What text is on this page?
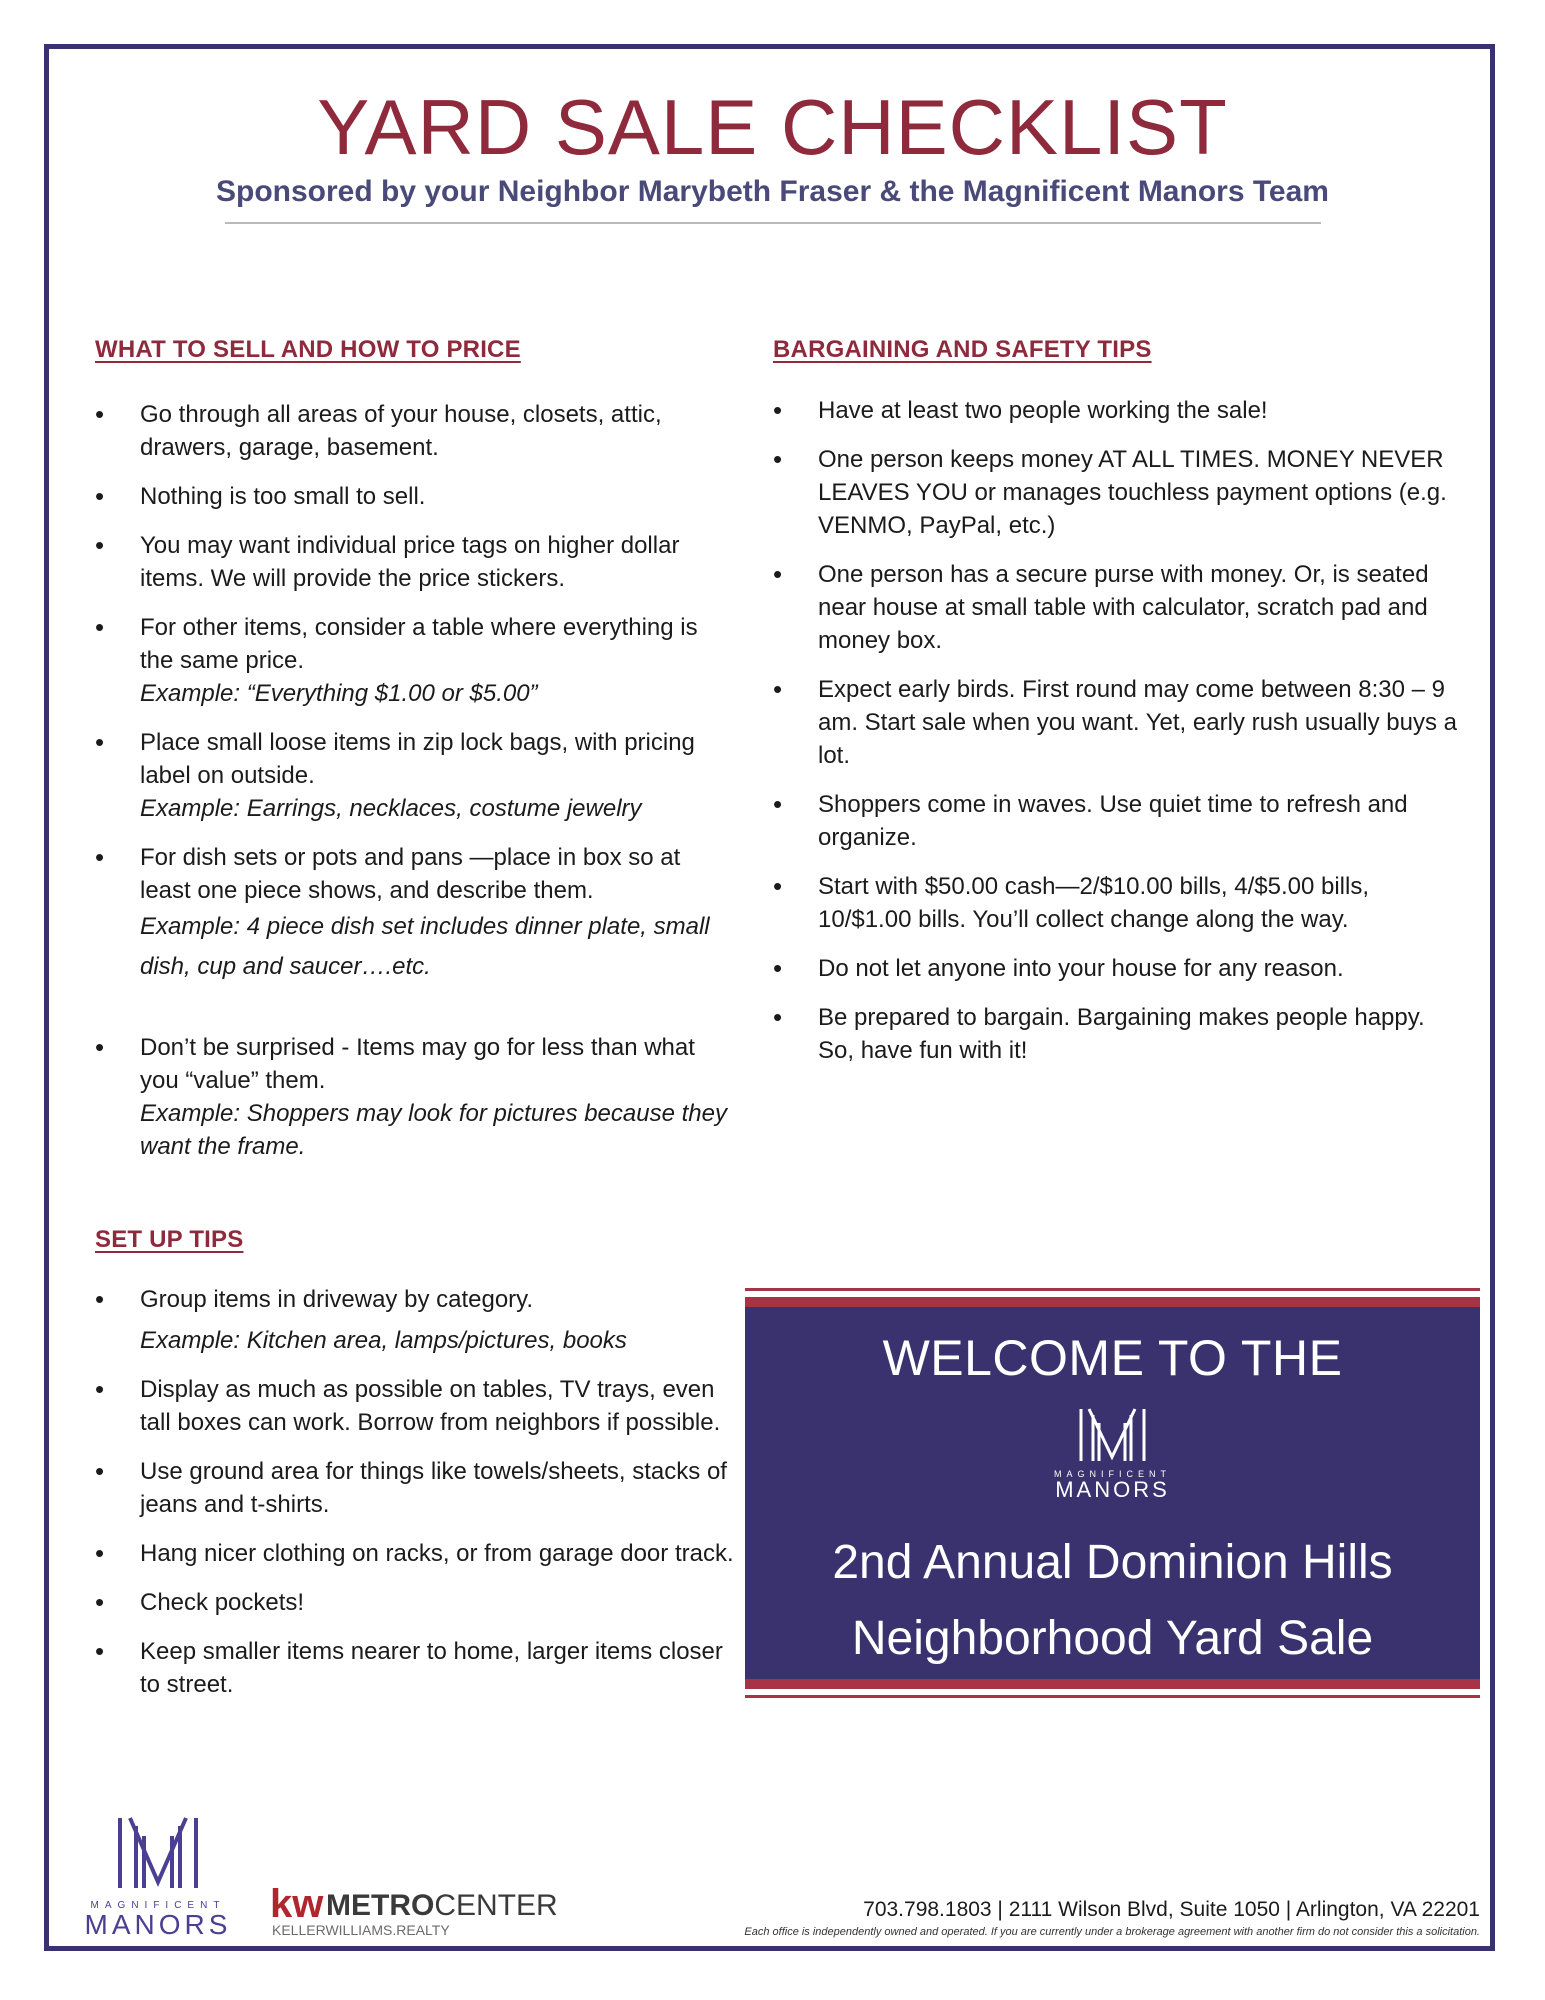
YARD SALE CHECKLIST
Sponsored by your Neighbor Marybeth Fraser & the Magnificent Manors Team
WHAT TO SELL AND HOW TO PRICE
• Go through all areas of your house, closets, attic, drawers, garage, basement.
• Nothing is too small to sell.
• You may want individual price tags on higher dollar items. We will provide the price stickers.
• For other items, consider a table where everything is the same price.
Example: “Everything $1.00 or $5.00”
• Place small loose items in zip lock bags, with pricing label on outside.
Example: Earrings, necklaces, costume jewelry
• For dish sets or pots and pans —place in box so at least one piece shows, and describe them.
Example: 4 piece dish set includes dinner plate, small dish, cup and saucer….etc.
• Don’t be surprised - Items may go for less than what you “value” them.
Example: Shoppers may look for pictures because they want the frame.
BARGAINING AND SAFETY TIPS
• Have at least two people working the sale!
• One person keeps money AT ALL TIMES. MONEY NEVER LEAVES YOU or manages touchless payment options (e.g. VENMO, PayPal, etc.)
• One person has a secure purse with money. Or, is seated near house at small table with calculator, scratch pad and money box.
• Expect early birds. First round may come between 8:30 – 9 am. Start sale when you want. Yet, early rush usually buys a lot.
• Shoppers come in waves. Use quiet time to refresh and organize.
• Start with $50.00 cash—2/$10.00 bills, 4/$5.00 bills, 10/$1.00 bills. You’ll collect change along the way.
• Do not let anyone into your house for any reason.
• Be prepared to bargain. Bargaining makes people happy. So, have fun with it!
SET UP TIPS
• Group items in driveway by category.
Example: Kitchen area, lamps/pictures, books
• Display as much as possible on tables, TV trays, even tall boxes can work. Borrow from neighbors if possible.
• Use ground area for things like towels/sheets, stacks of jeans and t-shirts.
• Hang nicer clothing on racks, or from garage door track.
• Check pockets!
• Keep smaller items nearer to home, larger items closer to street.
WELCOME TO THE
MAGNIFICENT
MANORS
2nd Annual Dominion Hills
Neighborhood Yard Sale
MAGNIFICENT
MANORS kw METROCENTER
KELLERWILLIAMS.REALTY
703.798.1803 | 2111 Wilson Blvd, Suite 1050 | Arlington, VA 22201
Each office is independently owned and operated. If you are currently under a brokerage agreement with another firm do not consider this a solicitation.
